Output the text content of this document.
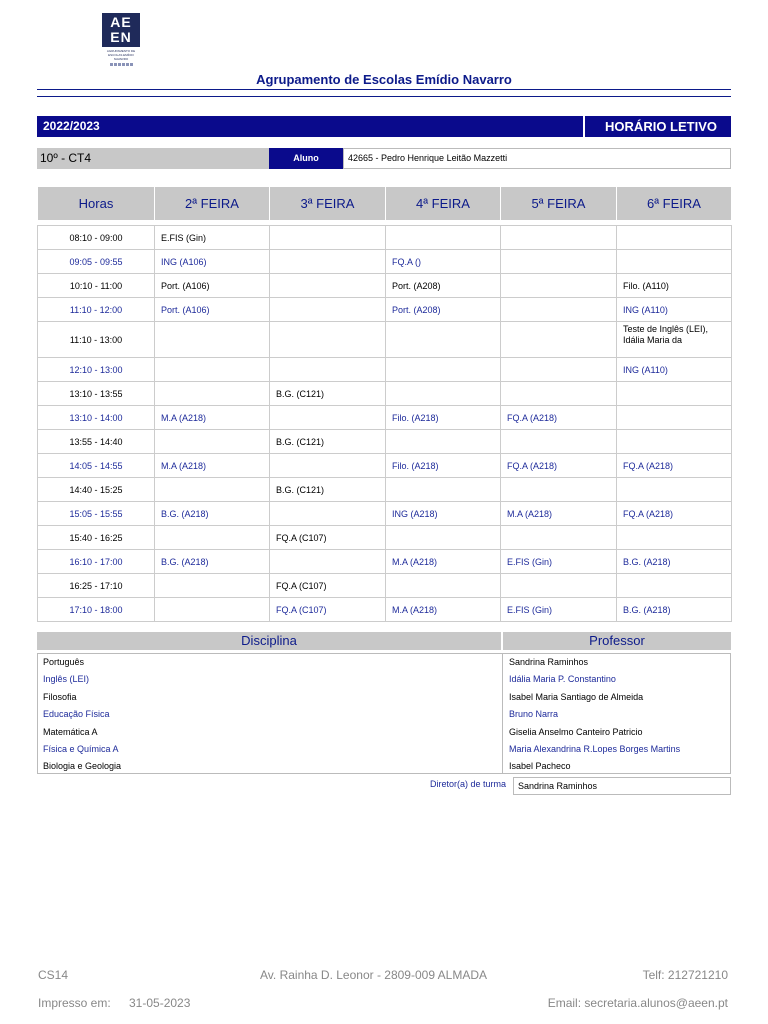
AE
EN
AGRUPAMENTO DE ESCOLAS EMÍDIO NAVARRO
Agrupamento de Escolas Emídio Navarro
2022/2023	HORÁRIO LETIVO
10º - CT4	Aluno	42665 - Pedro Henrique Leitão Mazzetti
Horas	2ª FEIRA	3ª FEIRA	4ª FEIRA	5ª FEIRA	6ª FEIRA

08:10 - 09:00	E.FIS (Gin)				
09:05 - 09:55	ING (A106)		FQ.A ()		
10:10 - 11:00	Port. (A106)		Port. (A208)		Filo. (A110)
11:10 - 12:00	Port. (A106)		Port. (A208)		ING (A110)
11:10 - 13:00					Teste de Inglês (LEI), Idália Maria da
12:10 - 13:00					ING (A110)
13:10 - 13:55		B.G. (C121)			
13:10 - 14:00	M.A (A218)		Filo. (A218)	FQ.A (A218)	
13:55 - 14:40		B.G. (C121)			
14:05 - 14:55	M.A (A218)		Filo. (A218)	FQ.A (A218)	FQ.A (A218)
14:40 - 15:25		B.G. (C121)			
15:05 - 15:55	B.G. (A218)		ING (A218)	M.A (A218)	FQ.A (A218)
15:40 - 16:25		FQ.A (C107)			
16:10 - 17:00	B.G. (A218)		M.A (A218)	E.FIS (Gin)	B.G. (A218)
16:25 - 17:10		FQ.A (C107)			
17:10 - 18:00		FQ.A (C107)	M.A (A218)	E.FIS (Gin)	B.G. (A218)
Disciplina	Professor
Português	Sandrina Raminhos
Inglês (LEI)	Idália Maria P. Constantino
Filosofia	Isabel Maria Santiago de Almeida
Educação Física	Bruno Narra
Matemática A	Giselia Anselmo Canteiro Patricio
Física e Química A	Maria Alexandrina R.Lopes Borges Martins
Biologia e Geologia	Isabel Pacheco
Diretor(a) de turma	Sandrina Raminhos
CS14	Av. Rainha D. Leonor - 2809-009 ALMADA	Telf: 212721210
Impresso em: 31-05-2023	Email: secretaria.alunos@aeen.pt
